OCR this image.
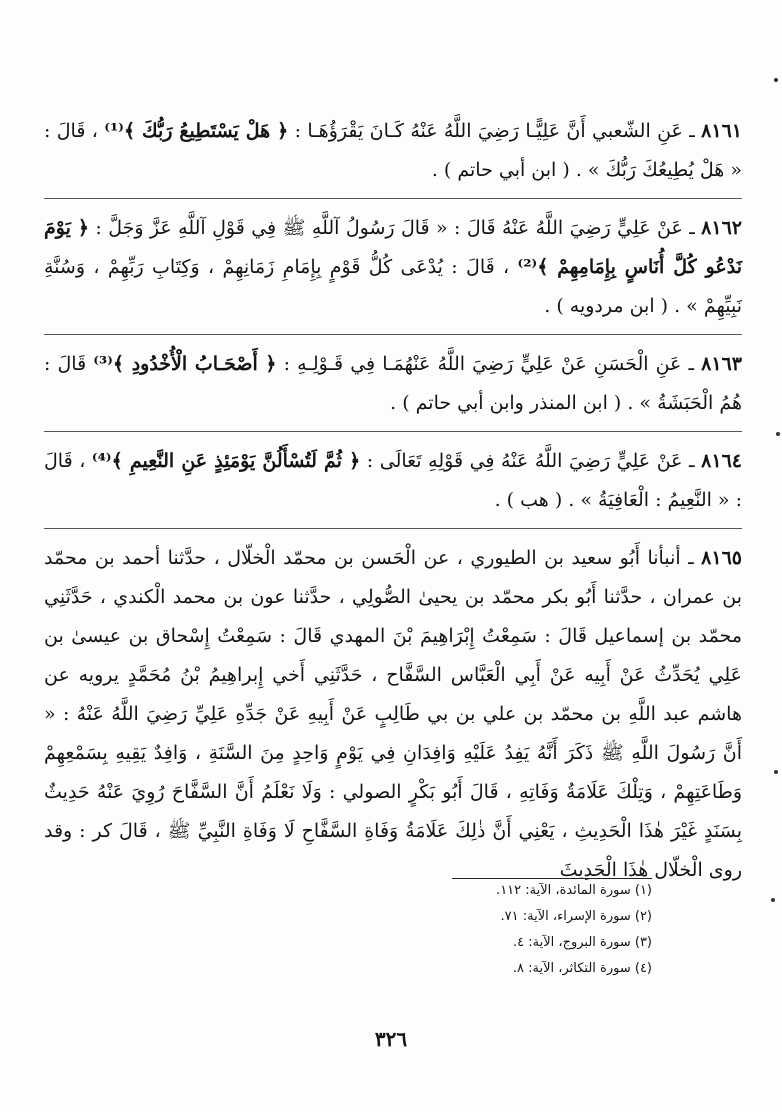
٨١٦١ ـ عَنِ الشّعبي أَنَّ عَلِيًّـا رَضِيَ اللَّهُ عَنْهُ كَـانَ يَقْرَؤُهَـا : ﴿ هَلْ يَسْتَطِيعُ رَبُّكَ ﴾⁽¹⁾ ، قَالَ : « هَلْ يُطِيعُكَ رَبُّكَ » . ( ابن أبي حاتم ) .

٨١٦٢ ـ عَنْ عَلِيٍّ رَضِيَ اللَّهُ عَنْهُ قَالَ : « قَالَ رَسُولُ آللَّهِ ﷺ فِي قَوْلِ آللَّهِ عَزَّ وَجَلَّ : ﴿ يَوْمَ نَدْعُو كُلَّ أُنَاسٍ بِإِمَامِهِمْ ﴾⁽²⁾ ، قَالَ : يُدْعَى كُلُّ قَوْمٍ بِإِمَامِ زَمَانِهِمْ ، وَكِتَابِ رَبِّهِمْ ، وَسُنَّةِ نَبِيِّهِمْ » . ( ابن مردويه ) .

٨١٦٣ ـ عَنِ الْحَسَنِ عَنْ عَلِيٍّ رَضِيَ اللَّهُ عَنْهُمَـا فِي قَـوْلِـهِ : ﴿ أَصْحَـابُ الْأُخْدُودِ ﴾⁽³⁾ قَالَ : هُمُ الْحَبَشَةُ » . ( ابن المنذر وابن أبي حاتم ) .

٨١٦٤ ـ عَنْ عَلِيٍّ رَضِيَ اللَّهُ عَنْهُ فِي قَوْلِهِ تَعَالَى : ﴿ ثُمَّ لَتُسْأَلُنَّ يَوْمَئِذٍ عَنِ النَّعِيمِ ﴾⁽⁴⁾ ، قَالَ : « النَّعِيمُ : الْعَافِيَةُ » . ( هب ) .

٨١٦٥ ـ أنبأنا أَبُو سعيد بن الطيوري ، عن الْحَسن بن محمّد الْخلّال ، حدَّثنا أحمد بن محمّد بن عمران ، حدَّثنا أَبُو بكر محمّد بن يحيىٰ الصُّولِي ، حدَّثنا عون بن محمد الْكندي ، حَدَّثَنِي محمّد بن إسماعيل قَالَ : سَمِعْتُ إِبْرَاهِيمَ بْنَ المهدي قَالَ : سَمِعْتُ إِسْحاق بن عيسىٰ بن عَلِي يُحَدِّثُ عَنْ أَبِيه عَنْ أَبِي الْعَبَّاس السَّفَّاح ، حَدَّثَنِي أَخي إِبراهِيمُ بْنُ مُحَمَّدٍ يرويه عن هاشم عبد اللَّهِ بن محمّد بن علي بن بي طَالِبٍ عَنْ أَبِيهِ عَنْ جَدِّهِ عَلِيِّ رَضِيَ اللَّهُ عَنْهُ : « أَنَّ رَسُولَ اللَّهِ ﷺ ذَكَرَ أَنَّهُ يَفِدُ عَلَيْهِ وَافِدَانِ فِي يَوْمٍ وَاحِدٍ مِنَ السَّنَةِ ، وَافِدٌ يَقِيهِ بِسَمْعِهِمْ وَطَاعَتِهِمْ ، وَتِلْكَ عَلَامَةُ وَفَاتِهِ ، قَالَ أَبُو بَكْرٍ الصولي : وَلَا نَعْلَمُ أَنَّ السَّفَّاحَ رُوِيَ عَنْهُ حَدِيثٌ بِسَنَدٍ غَيْرَ هٰذَا الْحَدِيثِ ، يَعْنِي أَنَّ ذٰلِكَ عَلَامَةُ وَفَاةِ السَّفَّاحِ لَا وَفَاةِ النَّبِيِّ ﷺ ، قَالَ كر : وقد روى الْخلّال هٰذَا الْحَدِيثَ

(١) سورة المائدة، الآية: ١١٢.
(٢) سورة الإسراء، الآية: ٧١.
(٣) سورة البروج، الآية: ٤.
(٤) سورة التكاثر، الآية: ٨.
٣٢٦
